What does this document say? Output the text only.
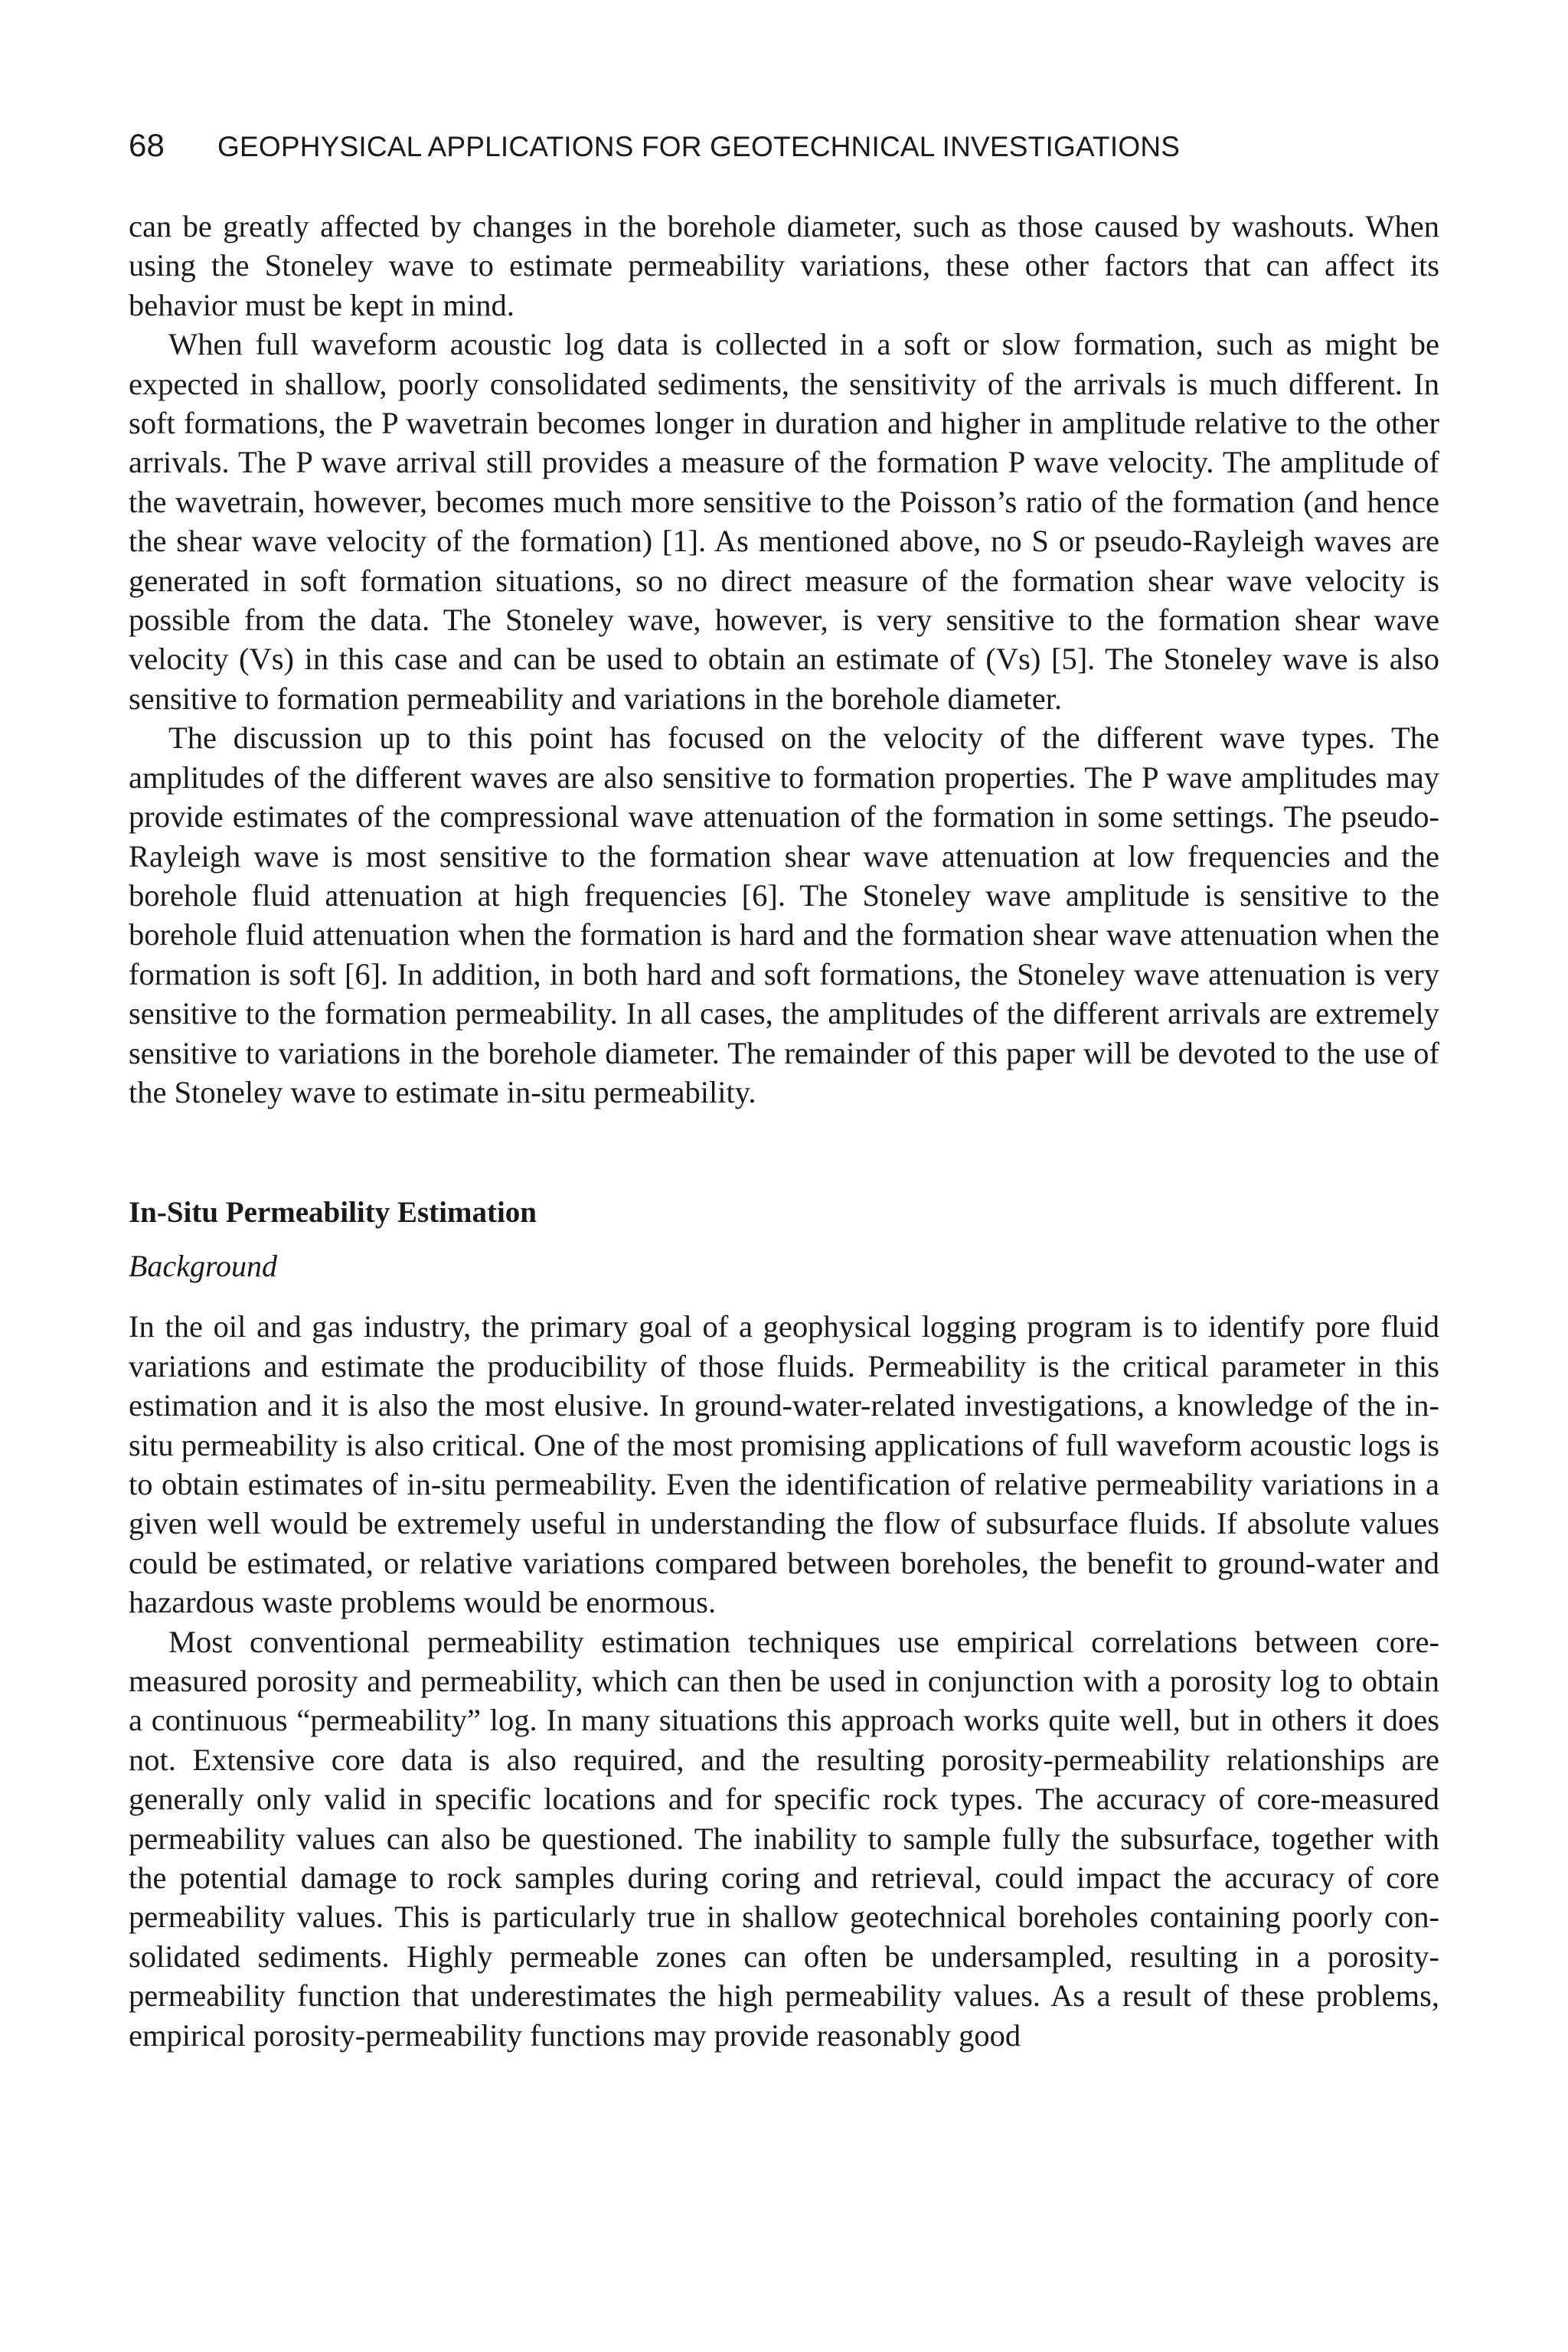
68 GEOPHYSICAL APPLICATIONS FOR GEOTECHNICAL INVESTIGATIONS

can be greatly affected by changes in the borehole diameter, such as those caused by washouts. When using the Stoneley wave to estimate permeability variations, these other factors that can affect its behavior must be kept in mind.

When full waveform acoustic log data is collected in a soft or slow formation, such as might be expected in shallow, poorly consolidated sediments, the sensitivity of the arrivals is much different. In soft formations, the P wavetrain becomes longer in duration and higher in amplitude relative to the other arrivals. The P wave arrival still provides a measure of the formation P wave velocity. The amplitude of the wavetrain, however, becomes much more sensitive to the Poisson’s ratio of the formation (and hence the shear wave velocity of the formation) [1]. As mentioned above, no S or pseudo-Rayleigh waves are generated in soft formation situations, so no direct measure of the formation shear wave velocity is possible from the data. The Stoneley wave, however, is very sensitive to the formation shear wave velocity (Vs) in this case and can be used to obtain an estimate of (Vs) [5]. The Stoneley wave is also sensitive to formation permeability and variations in the borehole diameter.

The discussion up to this point has focused on the velocity of the different wave types. The amplitudes of the different waves are also sensitive to formation properties. The P wave amplitudes may provide estimates of the compressional wave attenuation of the formation in some settings. The pseudo-Rayleigh wave is most sensitive to the formation shear wave attenuation at low frequencies and the borehole fluid attenuation at high frequencies [6]. The Stoneley wave amplitude is sensitive to the borehole fluid attenuation when the formation is hard and the formation shear wave attenuation when the formation is soft [6]. In addition, in both hard and soft formations, the Stoneley wave attenuation is very sensitive to the formation permeability. In all cases, the amplitudes of the different arrivals are extremely sensitive to variations in the borehole diameter. The remainder of this paper will be devoted to the use of the Stoneley wave to estimate in-situ permeability.

In-Situ Permeability Estimation
Background

In the oil and gas industry, the primary goal of a geophysical logging program is to identify pore fluid variations and estimate the producibility of those fluids. Permeability is the critical parameter in this estimation and it is also the most elusive. In ground-water-related investigations, a knowledge of the in-situ permeability is also critical. One of the most promising applications of full waveform acoustic logs is to obtain estimates of in-situ permeability. Even the identification of relative permeability variations in a given well would be extremely useful in understanding the flow of subsurface fluids. If absolute values could be estimated, or relative variations compared between boreholes, the benefit to ground-water and hazardous waste problems would be enormous.

Most conventional permeability estimation techniques use empirical correlations between core-measured porosity and permeability, which can then be used in conjunction with a porosity log to obtain a continuous “permeability” log. In many situations this approach works quite well, but in others it does not. Extensive core data is also required, and the resulting porosity-permeability relationships are generally only valid in specific locations and for specific rock types. The accuracy of core-measured permeability values can also be questioned. The inability to sample fully the subsurface, together with the potential damage to rock samples during coring and retrieval, could impact the accuracy of core permeability values. This is particularly true in shallow geotechnical boreholes containing poorly consolidated sediments. Highly permeable zones can often be undersampled, resulting in a porosity-permeability function that underestimates the high permeability values. As a result of these problems, empirical porosity-permeability functions may provide reasonably good
